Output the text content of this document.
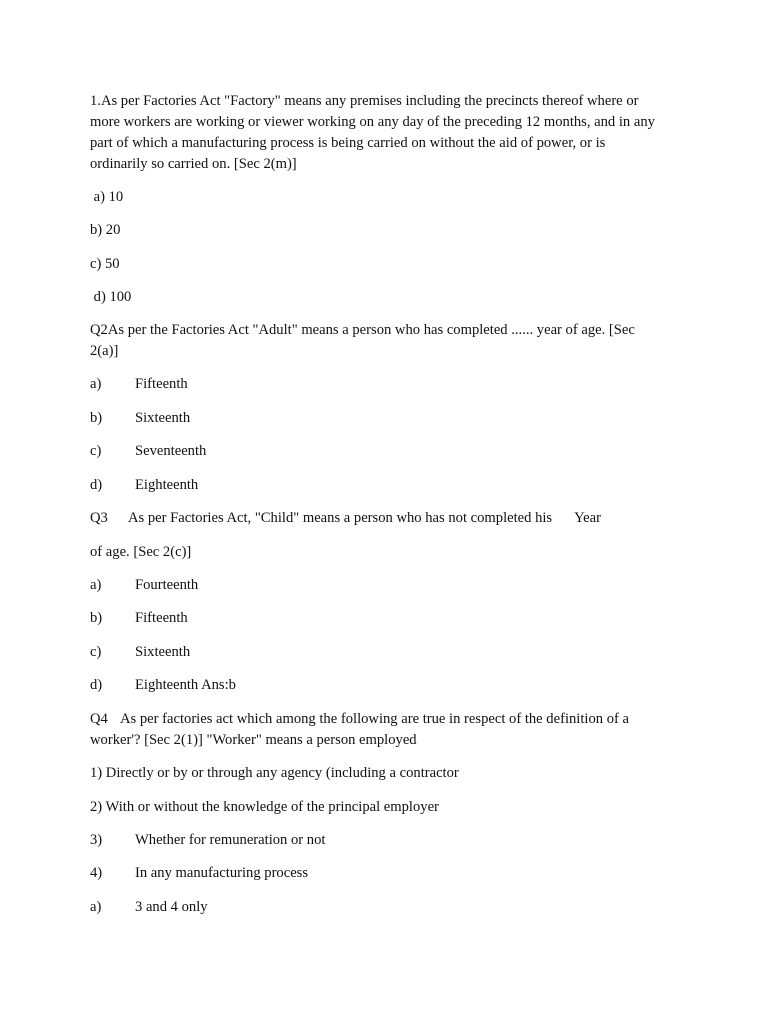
1.As per Factories Act "Factory" means any premises including the precincts thereof where or
more workers are working or viewer working on any day of the preceding 12 months, and in any
part of which a manufacturing process is being carried on without the aid of power, or is
ordinarily so carried on. [Sec 2(m)]
a) 10
b) 20
c) 50
d) 100
Q2As per the Factories Act "Adult" means a person who has completed ...... year of age. [Sec
2(a)]
a) Fifteenth
b) Sixteenth
c) Seventeenth
d) Eighteenth
Q3 As per Factories Act, "Child" means a person who has not completed his Year
of age. [Sec 2(c)]
a) Fourteenth
b) Fifteenth
c) Sixteenth
d) Eighteenth Ans:b
Q4 As per factories act which among the following are true in respect of the definition of a
worker'? [Sec 2(1)] "Worker" means a person employed
1) Directly or by or through any agency (including a contractor
2) With or without the knowledge of the principal employer
3) Whether for remuneration or not
4) In any manufacturing process
a) 3 and 4 only
